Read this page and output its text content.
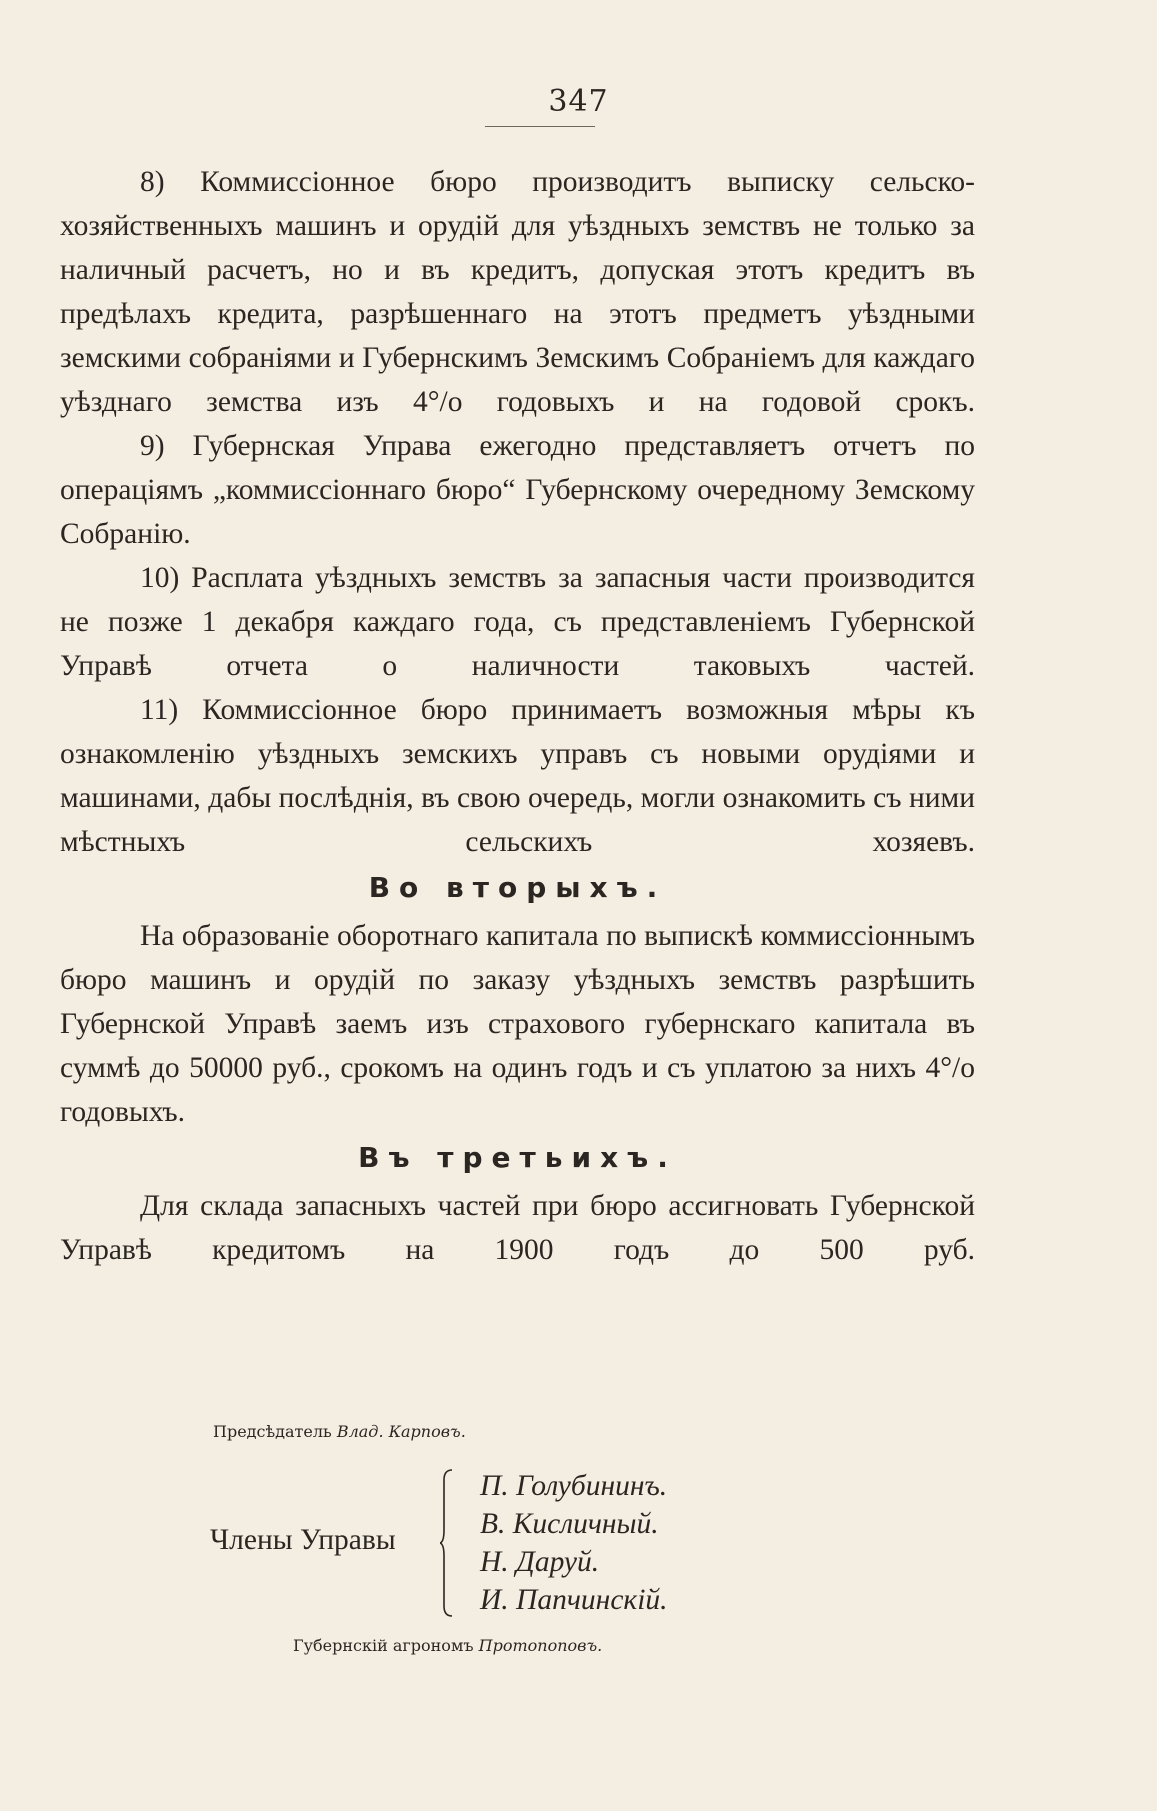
347

8) Коммиссіонное бюро производитъ выписку сельско-хозяйственныхъ машинъ и орудій для уѣздныхъ земствъ не только за наличный расчетъ, но и въ кредитъ, допуская этотъ кредитъ въ предѣлахъ кредита, разрѣшеннаго на этотъ предметъ уѣздными земскими собраніями и Губернскимъ Земскимъ Собраніемъ для каждаго уѣзднаго земства изъ 4°/o годовыхъ и на годовой срокъ.

9) Губернская Управа ежегодно представляетъ отчетъ по операціямъ „коммиссіоннаго бюро“ Губернскому очередному Земскому Собранію.

10) Расплата уѣздныхъ земствъ за запасныя части производится не позже 1 декабря каждаго года, съ представленіемъ Губернской Управѣ отчета о наличности таковыхъ частей.

11) Коммиссіонное бюро принимаетъ возможныя мѣры къ ознакомленію уѣздныхъ земскихъ управъ съ новыми орудіями и машинами, дабы послѣднія, въ свою очередь, могли ознакомить съ ними мѣстныхъ сельскихъ хозяевъ.

Во вторыхъ.

На образованіе оборотнаго капитала по выпискѣ коммиссіоннымъ бюро машинъ и орудій по заказу уѣздныхъ земствъ разрѣшить Губернской Управѣ заемъ изъ страхового губернскаго капитала въ суммѣ до 50000 руб., срокомъ на одинъ годъ и съ уплатою за нихъ 4°/o годовыхъ.

Въ третьихъ.

Для склада запасныхъ частей при бюро ассигновать Губернской Управѣ кредитомъ на 1900 годъ до 500 руб.

Предсѣдатель Влад. Карповъ.
Члены Управы
П. Голубининъ.
В. Кисличный.
Н. Даруй.
И. Папчинскій.
Губернскій агрономъ Протопоповъ.
